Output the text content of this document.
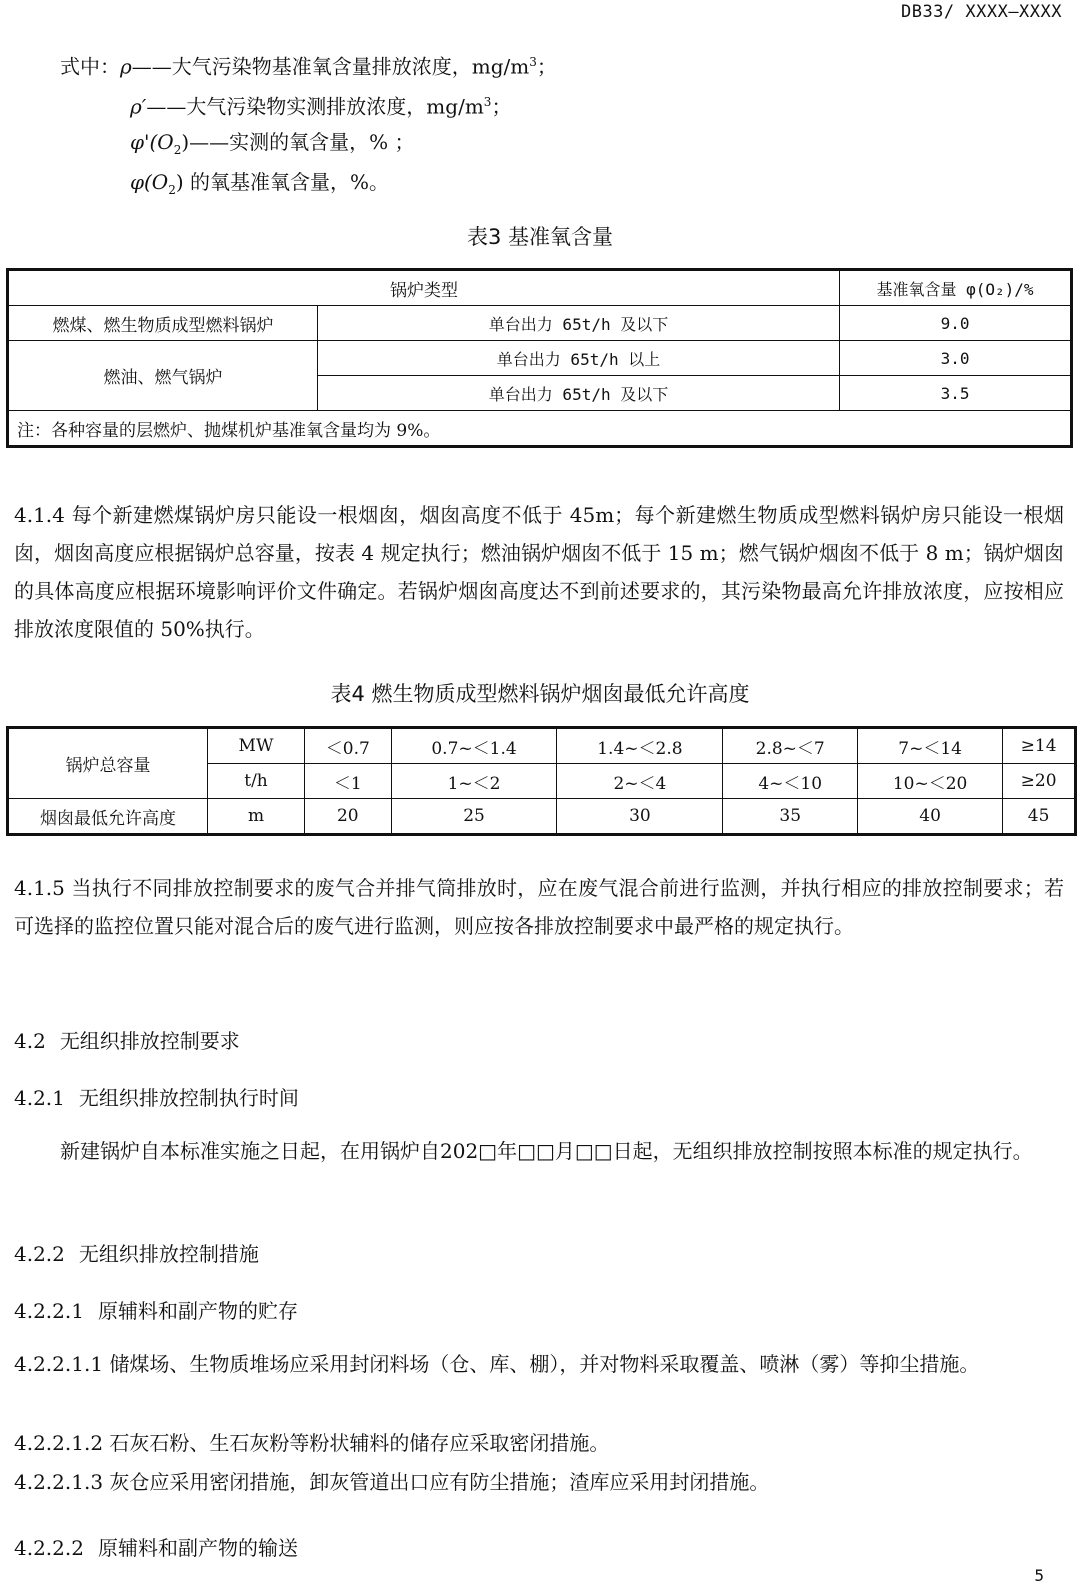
DB33/ XXXX—XXXX
式中：ρ——大气污染物基准氧含量排放浓度，$mg/m^3$；
ρ′——大气污染物实测排放浓度，$mg/m^3$；
$\varphi'(O_2)——$实测的氧含量，% ；
$\varphi(O_2)$ 的氧基准氧含量，%。
表3 基准氧含量
锅炉类型		基准氧含量 φ(O₂)/%
燃煤、燃生物质成型燃料锅炉	单台出力 65t/h 及以下	9.0
燃油、燃气锅炉	单台出力 65t/h 以上	3.0
	单台出力 65t/h 及以下	3.5
注：各种容量的层燃炉、抛煤机炉基准氧含量均为 9%。		
4.1.4 每个新建燃煤锅炉房只能设一根烟囱，烟囱高度不低于 45m；每个新建燃生物质成型燃料锅炉房只能设一根烟囱，烟囱高度应根据锅炉总容量，按表 4 规定执行；燃油锅炉烟囱不低于 15 m；燃气锅炉烟囱不低于 8 m；锅炉烟囱的具体高度应根据环境影响评价文件确定。若锅炉烟囱高度达不到前述要求的，其污染物最高允许排放浓度，应按相应排放浓度限值的 50%执行。
表4 燃生物质成型燃料锅炉烟囱最低允许高度
锅炉总容量	MW	＜0.7	0.7~＜1.4	1.4~＜2.8	2.8~＜7	7~＜14	≥14
	t/h	＜1	1~＜2	2~＜4	4~＜10	10~＜20	≥20
烟囱最低允许高度	m	20	25	30	35	40	45
4.1.5 当执行不同排放控制要求的废气合并排气筒排放时，应在废气混合前进行监测，并执行相应的排放控制要求；若可选择的监控位置只能对混合后的废气进行监测，则应按各排放控制要求中最严格的规定执行。
4.2 无组织排放控制要求
4.2.1 无组织排放控制执行时间
新建锅炉自本标准实施之日起，在用锅炉自202□年□□月□□日起，无组织排放控制按照本标准的规定执行。
4.2.2 无组织排放控制措施
4.2.2.1 原辅料和副产物的贮存
4.2.2.1.1 储煤场、生物质堆场应采用封闭料场（仓、库、棚），并对物料采取覆盖、喷淋（雾）等抑尘措施。
4.2.2.1.2 石灰石粉、生石灰粉等粉状辅料的储存应采取密闭措施。
4.2.2.1.3 灰仓应采用密闭措施，卸灰管道出口应有防尘措施；渣库应采用封闭措施。
4.2.2.2 原辅料和副产物的输送
5
